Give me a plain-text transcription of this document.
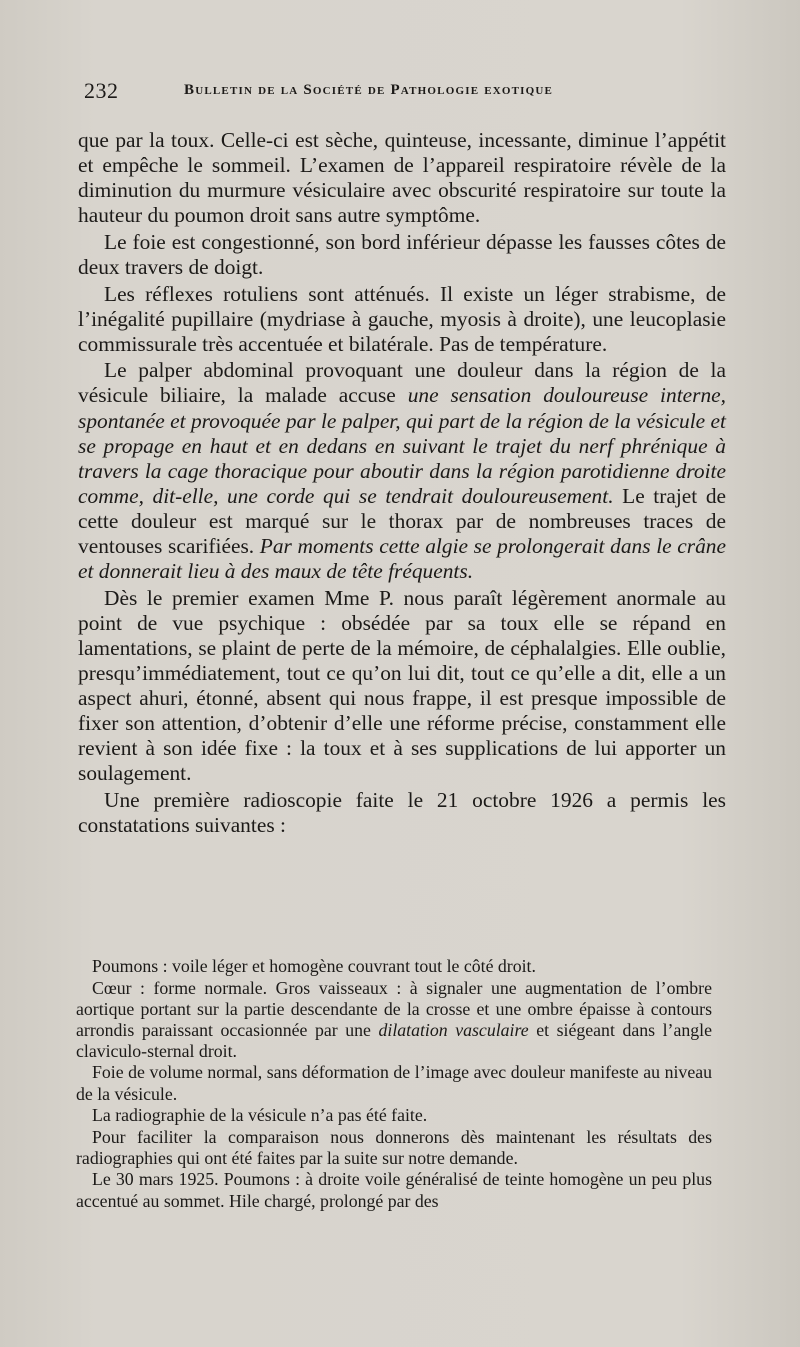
232	Bulletin de la Société de Pathologie exotique

que par la toux. Celle-ci est sèche, quinteuse, incessante, diminue l’appétit et empêche le sommeil. L’examen de l’appareil respiratoire révèle de la diminution du murmure vésiculaire avec obscurité respiratoire sur toute la hauteur du poumon droit sans autre symptôme.

Le foie est congestionné, son bord inférieur dépasse les fausses côtes de deux travers de doigt.

Les réflexes rotuliens sont atténués. Il existe un léger strabisme, de l’inégalité pupillaire (mydriase à gauche, myosis à droite), une leucoplasie commissurale très accentuée et bilatérale. Pas de température.

Le palper abdominal provoquant une douleur dans la région de la vésicule biliaire, la malade accuse une sensation douloureuse interne, spontanée et provoquée par le palper, qui part de la région de la vésicule et se propage en haut et en dedans en suivant le trajet du nerf phrénique à travers la cage thoracique pour aboutir dans la région parotidienne droite comme, dit-elle, une corde qui se tendrait douloureusement. Le trajet de cette douleur est marqué sur le thorax par de nombreuses traces de ventouses scarifiées. Par moments cette algie se prolongerait dans le crâne et donnerait lieu à des maux de tête fréquents.

Dès le premier examen Mme P. nous paraît légèrement anormale au point de vue psychique : obsédée par sa toux elle se répand en lamentations, se plaint de perte de la mémoire, de céphalalgies. Elle oublie, presqu’immédiatement, tout ce qu’on lui dit, tout ce qu’elle a dit, elle a un aspect ahuri, étonné, absent qui nous frappe, il est presque impossible de fixer son attention, d’obtenir d’elle une réforme précise, constamment elle revient à son idée fixe : la toux et à ses supplications de lui apporter un soulagement.

Une première radioscopie faite le 21 octobre 1926 a permis les constatations suivantes :

Poumons : voile léger et homogène couvrant tout le côté droit.

Cœur : forme normale. Gros vaisseaux : à signaler une augmentation de l’ombre aortique portant sur la partie descendante de la crosse et une ombre épaisse à contours arrondis paraissant occasionnée par une dilatation vasculaire et siégeant dans l’angle claviculo-sternal droit.

Foie de volume normal, sans déformation de l’image avec douleur manifeste au niveau de la vésicule.

La radiographie de la vésicule n’a pas été faite.

Pour faciliter la comparaison nous donnerons dès maintenant les résultats des radiographies qui ont été faites par la suite sur notre demande.

Le 30 mars 1925. Poumons : à droite voile généralisé de teinte homogène un peu plus accentué au sommet. Hile chargé, prolongé par des
